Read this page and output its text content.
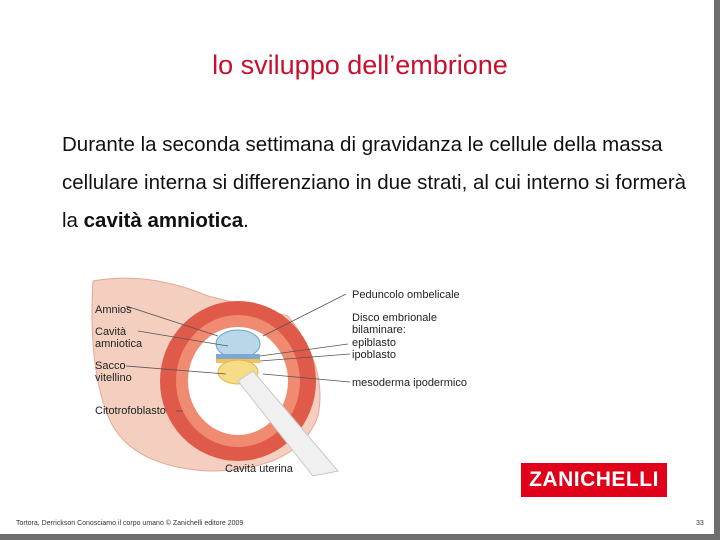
lo sviluppo dell’embrione
Durante la seconda settimana di gravidanza le cellule della massa cellulare interna si differenziano in due strati, al cui interno si formerà la cavità amniotica.
Amnios
Cavità
amniotica
Sacco
vitellino
Citotrofoblasto
Cavità uterina
Peduncolo ombelicale
Disco embrionale
bilaminare:
epiblasto
ipoblasto
mesoderma ipodermico
ZANICHELLI
Tortora, Derrickson Conosciamo il corpo umano © Zanichelli editore 2009	33
